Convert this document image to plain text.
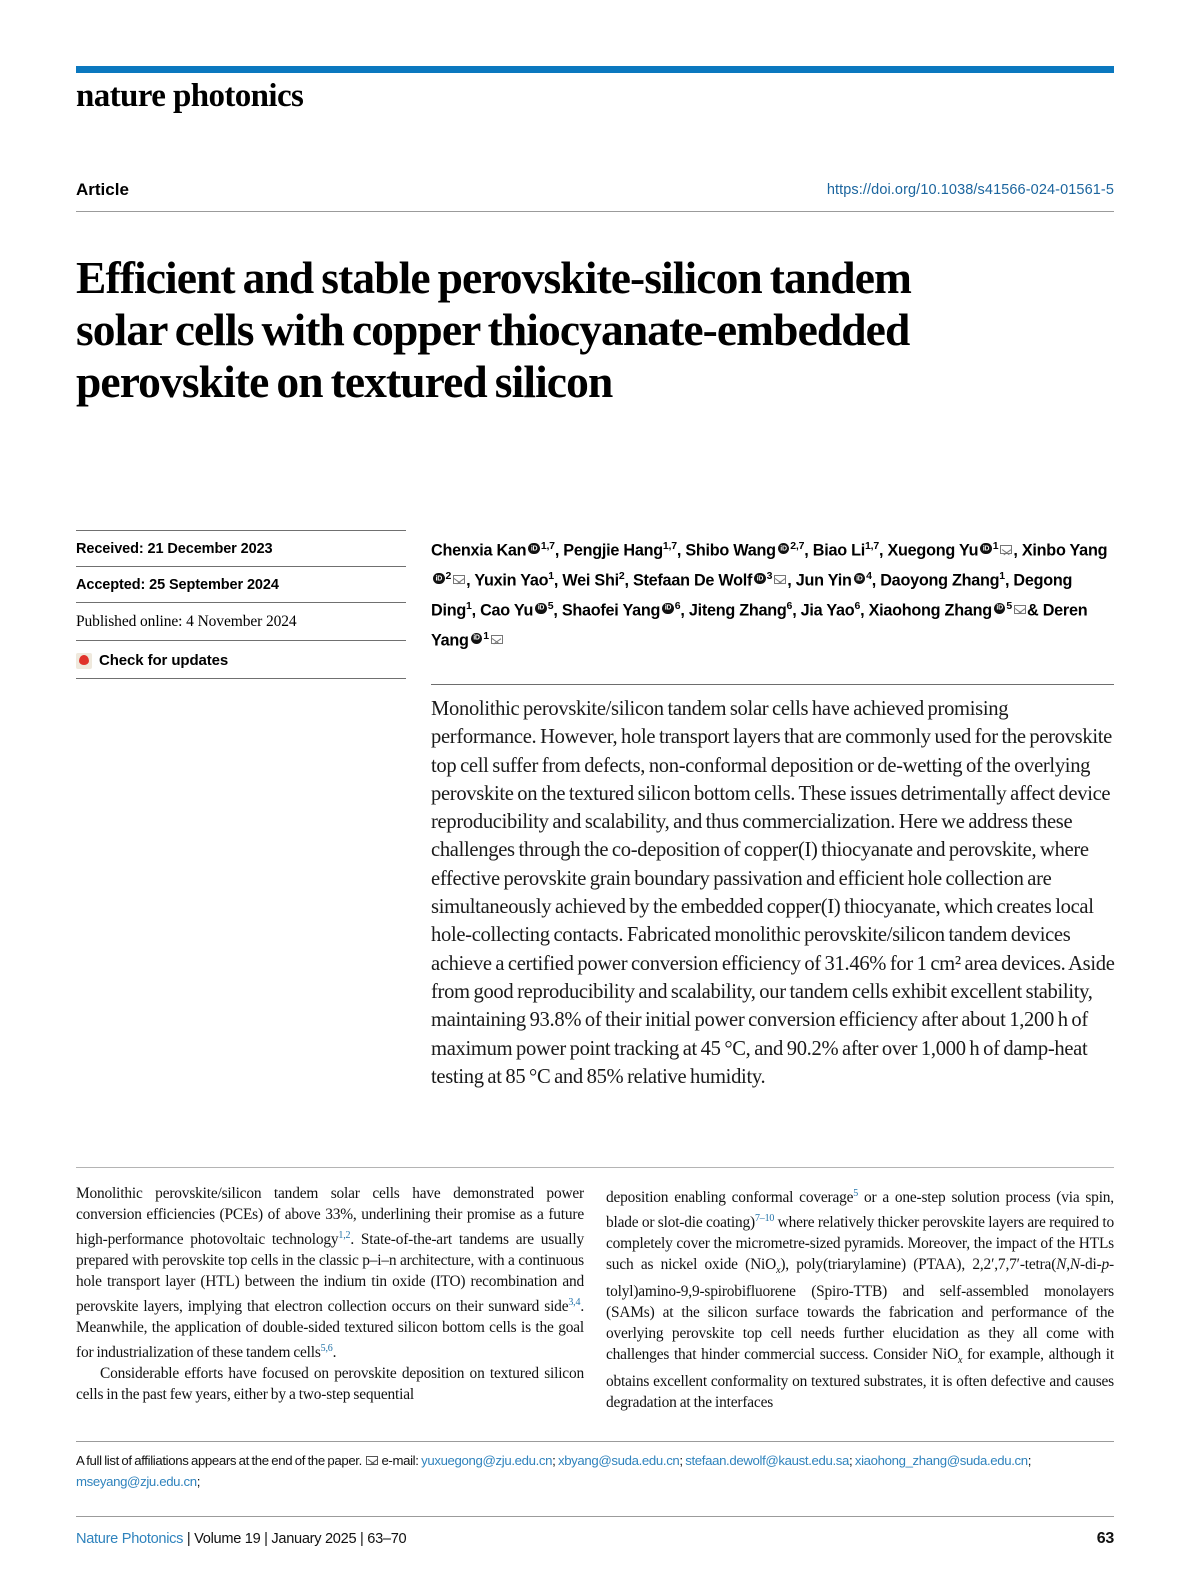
nature photonics
Article	https://doi.org/10.1038/s41566-024-01561-5
Efficient and stable perovskite-silicon tandem solar cells with copper thiocyanate-embedded perovskite on textured silicon
Received: 21 December 2023
Accepted: 25 September 2024
Published online: 4 November 2024
Check for updates
Chenxia Kan iD $^{1,7}$, Pengjie Hang$^{1,7}$, Shibo Wang iD $^{2,7}$, Biao Li$^{1,7}$, Xuegong Yu iD $^1$ , Xinbo YangiD$^2$ , Yuxin Yao$^1$, Wei Shi$^2$, Stefaan De Wolf iD $^3$ , Jun Yin iD $^4$, Daoyong Zhang$^1$, Degong Ding$^1$, Cao Yu iD $^5$, Shaofei Yang iD $^6$, Jiteng Zhang$^6$, Jia Yao$^6$, Xiaohong Zhang iD $^5$ & Deren Yang iD $^1$
Monolithic perovskite/silicon tandem solar cells have achieved promising performance. However, hole transport layers that are commonly used for the perovskite top cell suffer from defects, non-conformal deposition or de-wetting of the overlying perovskite on the textured silicon bottom cells. These issues detrimentally affect device reproducibility and scalability, and thus commercialization. Here we address these challenges through the co-deposition of copper(I) thiocyanate and perovskite, where effective perovskite grain boundary passivation and efficient hole collection are simultaneously achieved by the embedded copper(I) thiocyanate, which creates local hole-collecting contacts. Fabricated monolithic perovskite/silicon tandem devices achieve a certified power conversion efficiency of 31.46% for 1 cm² area devices. Aside from good reproducibility and scalability, our tandem cells exhibit excellent stability, maintaining 93.8% of their initial power conversion efficiency after about 1,200 h of maximum power point tracking at 45 °C, and 90.2% after over 1,000 h of damp-heat testing at 85 °C and 85% relative humidity.

Monolithic perovskite/silicon tandem solar cells have demonstrated power conversion efficiencies (PCEs) of above 33%, underlining their promise as a future high-performance photovoltaic technology$^{1,2}$. State-of-the-art tandems are usually prepared with perovskite top cells in the classic p–i–n architecture, with a continuous hole transport layer (HTL) between the indium tin oxide (ITO) recombination and perovskite layers, implying that electron collection occurs on their sunward side$^{3,4}$. Meanwhile, the application of double-sided textured silicon bottom cells is the goal for industrialization of these tandem cells$^{5,6}$.

Considerable efforts have focused on perovskite deposition on textured silicon cells in the past few years, either by a two-step sequential

deposition enabling conformal coverage$^5$ or a one-step solution process (via spin, blade or slot-die coating)$^{7-10}$ where relatively thicker perovskite layers are required to completely cover the micrometre-sized pyramids. Moreover, the impact of the HTLs such as nickel oxide (NiO$_x$), poly(triarylamine) (PTAA), 2,2′,7,7′-tetra(N,N-di-p-tolyl)amino-9,9-spirobifluorene (Spiro-TTB) and self-assembled monolayers (SAMs) at the silicon surface towards the fabrication and performance of the overlying perovskite top cell needs further elucidation as they all come with challenges that hinder commercial success. Consider NiO$_x$ for example, although it obtains excellent conformality on textured substrates, it is often defective and causes degradation at the interfaces

A full list of affiliations appears at the end of the paper. e-mail: yuxuegong@zju.edu.cn; xbyang@suda.edu.cn; stefaan.dewolf@kaust.edu.sa; xiaohong_zhang@suda.edu.cn; mseyang@zju.edu.cn;
Nature Photonics | Volume 19 | January 2025 | 63–70	63
